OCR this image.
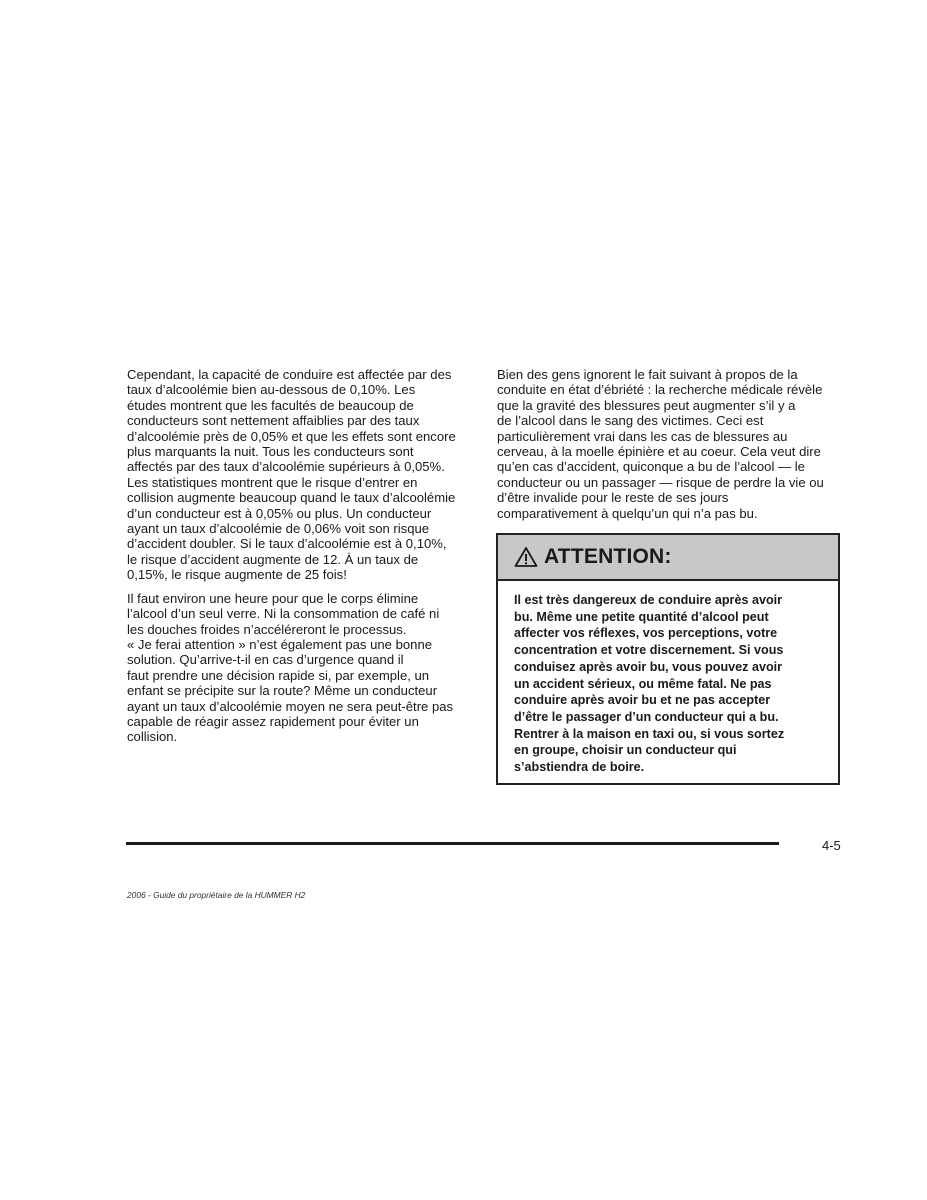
Cependant, la capacité de conduire est affectée par des
taux d’alcoolémie bien au-dessous de 0,10%. Les
études montrent que les facultés de beaucoup de
conducteurs sont nettement affaiblies par des taux
d’alcoolémie près de 0,05% et que les effets sont encore
plus marquants la nuit. Tous les conducteurs sont
affectés par des taux d’alcoolémie supérieurs à 0,05%.
Les statistiques montrent que le risque d’entrer en
collision augmente beaucoup quand le taux d’alcoolémie
d’un conducteur est à 0,05% ou plus. Un conducteur
ayant un taux d’alcoolémie de 0,06% voit son risque
d’accident doubler. Si le taux d’alcoolémie est à 0,10%,
le risque d’accident augmente de 12. À un taux de
0,15%, le risque augmente de 25 fois!

Il faut environ une heure pour que le corps élimine
l’alcool d’un seul verre. Ni la consommation de café ni
les douches froides n’accéléreront le processus.
« Je ferai attention » n’est également pas une bonne
solution. Qu’arrive-t-il en cas d’urgence quand il
faut prendre une décision rapide si, par exemple, un
enfant se précipite sur la route? Même un conducteur
ayant un taux d’alcoolémie moyen ne sera peut-être pas
capable de réagir assez rapidement pour éviter un
collision.

Bien des gens ignorent le fait suivant à propos de la
conduite en état d’ébriété : la recherche médicale révèle
que la gravité des blessures peut augmenter s’il y a
de l’alcool dans le sang des victimes. Ceci est
particulièrement vrai dans les cas de blessures au
cerveau, à la moelle épinière et au coeur. Cela veut dire
qu’en cas d’accident, quiconque a bu de l’alcool — le
conducteur ou un passager — risque de perdre la vie ou
d’être invalide pour le reste de ses jours
comparativement à quelqu’un qui n’a pas bu.

ATTENTION:
Il est très dangereux de conduire après avoir
bu. Même une petite quantité d’alcool peut
affecter vos réflexes, vos perceptions, votre
concentration et votre discernement. Si vous
conduisez après avoir bu, vous pouvez avoir
un accident sérieux, ou même fatal. Ne pas
conduire après avoir bu et ne pas accepter
d’être le passager d’un conducteur qui a bu.
Rentrer à la maison en taxi ou, si vous sortez
en groupe, choisir un conducteur qui
s’abstiendra de boire.
4-5
2006 - Guide du propriétaire de la HUMMER H2
